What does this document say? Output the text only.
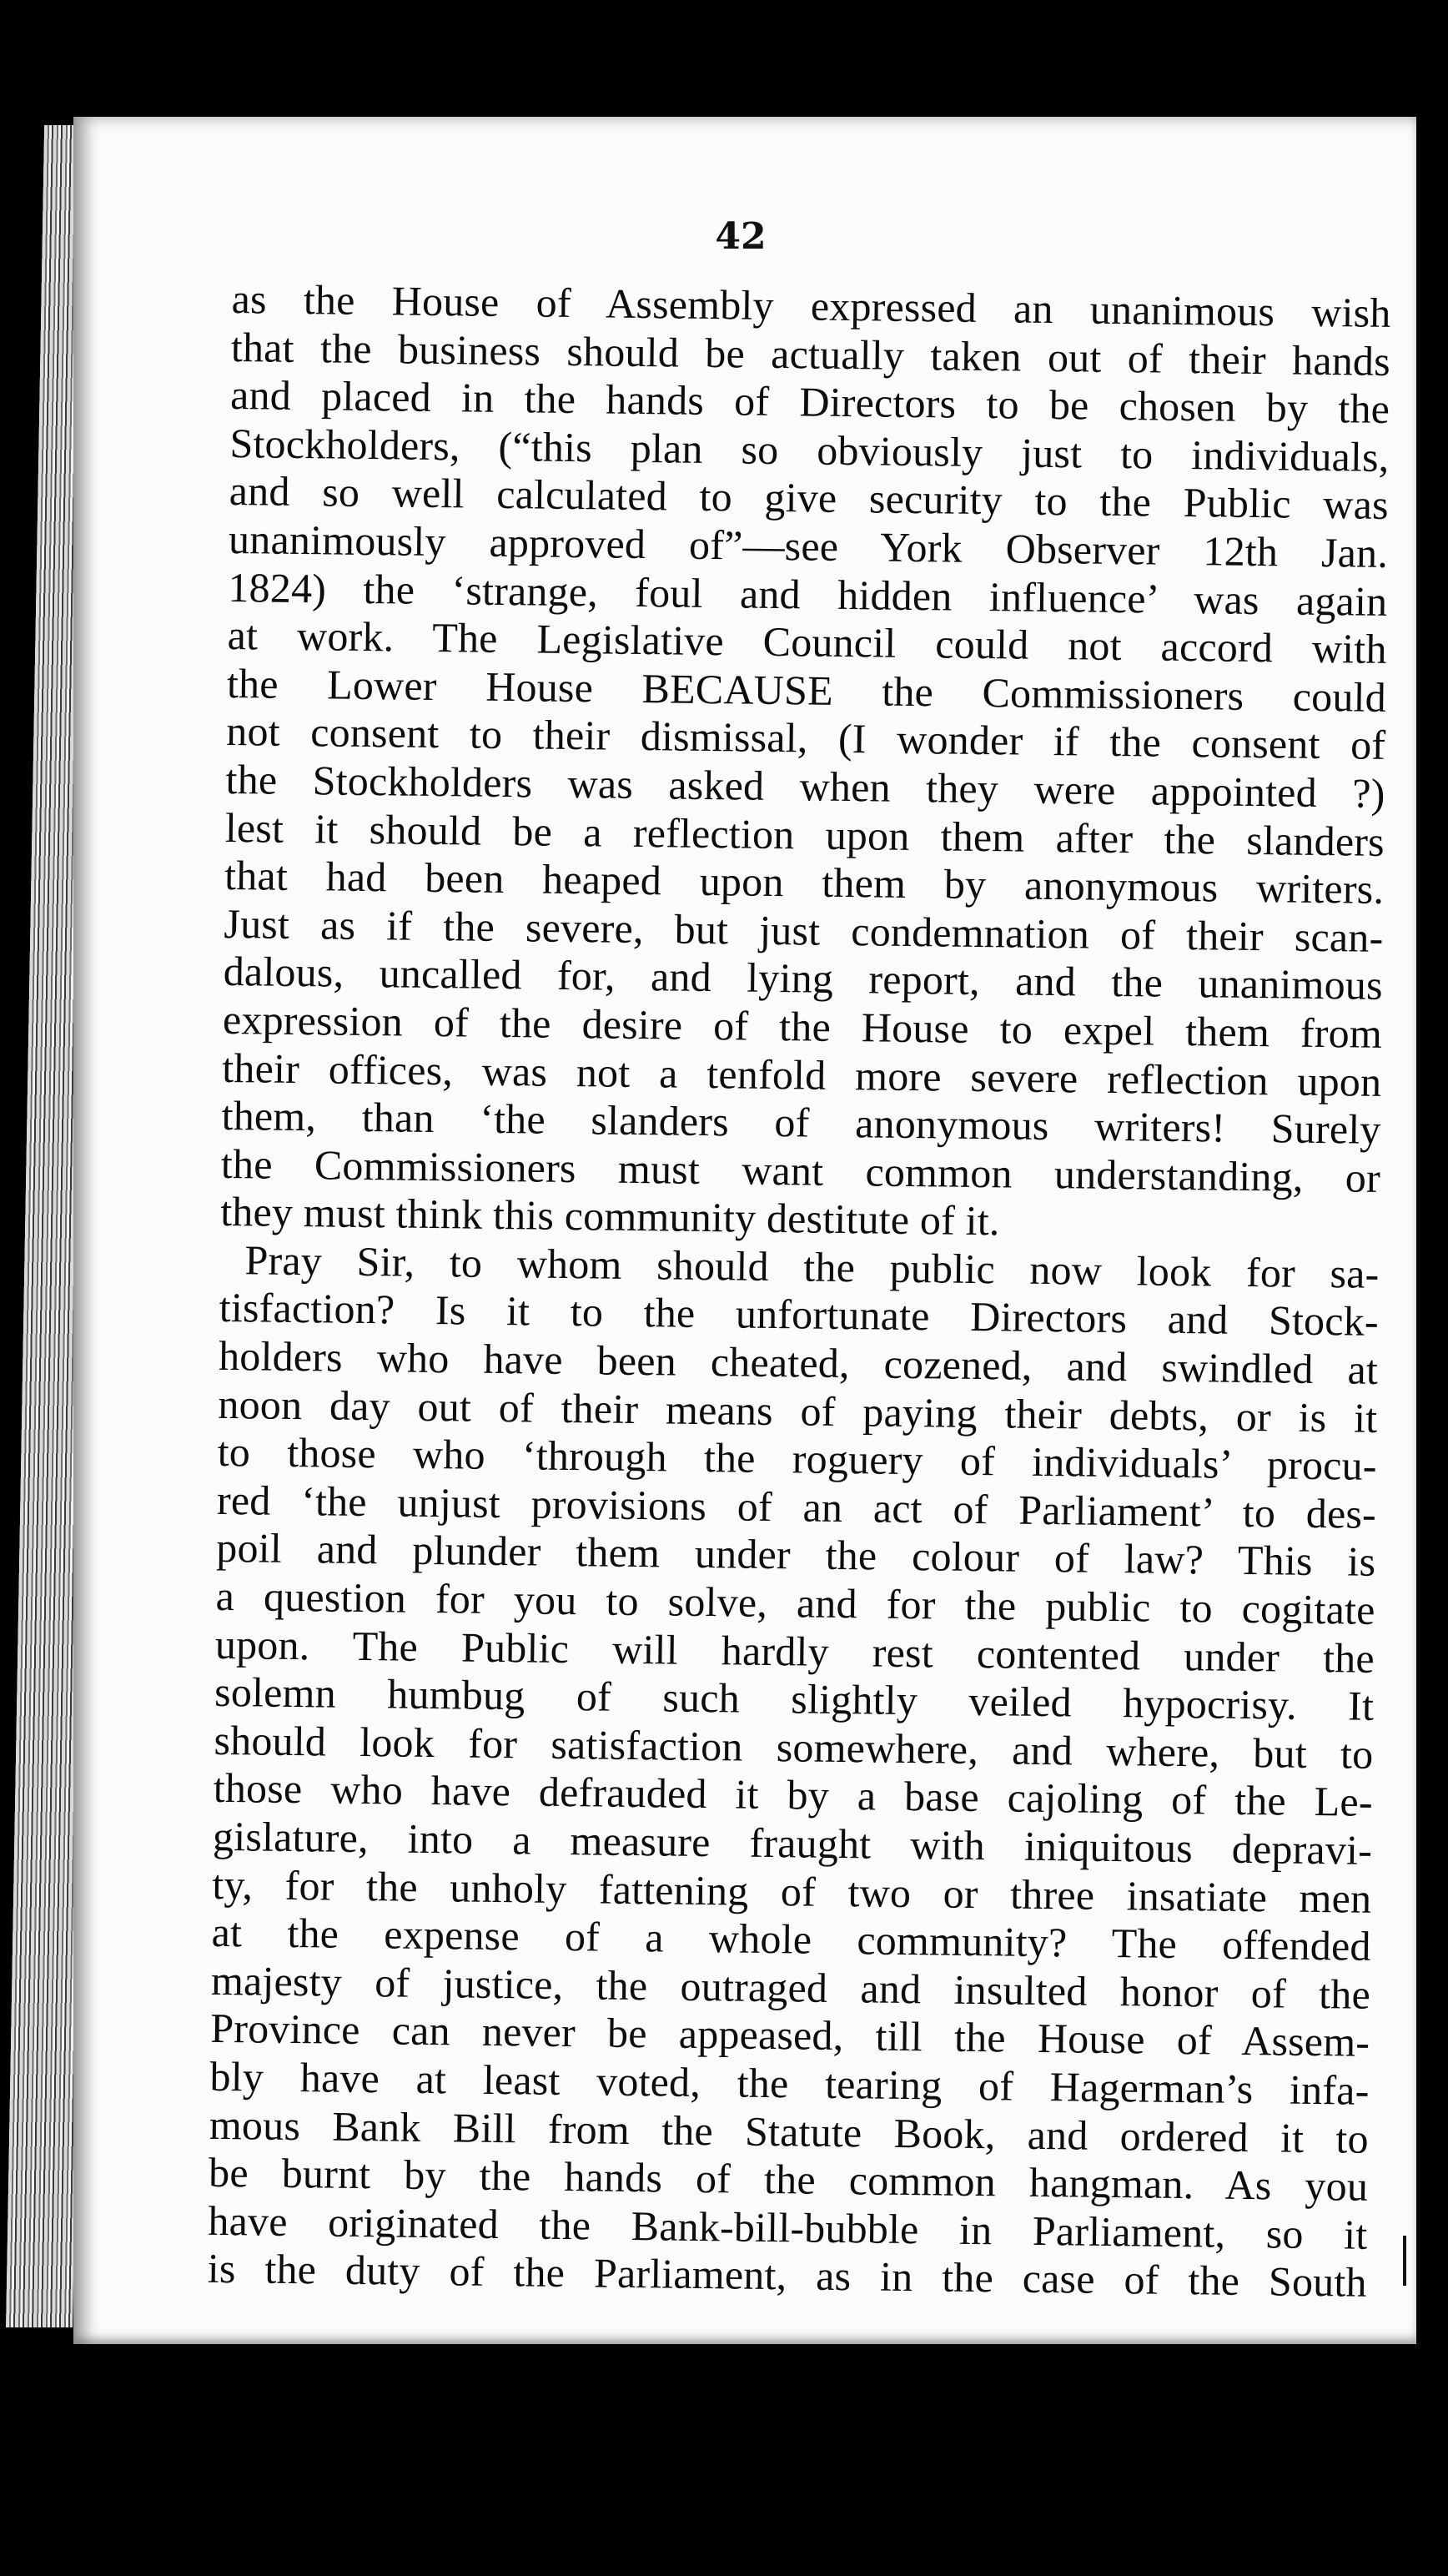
42
as the House of Assembly expressed an unanimous wish
that the business should be actually taken out of their hands
and placed in the hands of Directors to be chosen by the
Stockholders, (“this plan so obviously just to individuals,
and so well calculated to give security to the Public was
unanimously approved of”—see York Observer 12th Jan.
1824) the ‘strange, foul and hidden influence’ was again
at work. The Legislative Council could not accord with
the Lower House BECAUSE the Commissioners could
not consent to their dismissal, (I wonder if the consent of
the Stockholders was asked when they were appointed ?)
lest it should be a reflection upon them after the slanders
that had been heaped upon them by anonymous writers.
Just as if the severe, but just condemnation of their scan-
dalous, uncalled for, and lying report, and the unanimous
expression of the desire of the House to expel them from
their offices, was not a tenfold more severe reflection upon
them, than ‘the slanders of anonymous writers! Surely
the Commissioners must want common understanding, or
they must think this community destitute of it.
Pray Sir, to whom should the public now look for sa-
tisfaction? Is it to the unfortunate Directors and Stock-
holders who have been cheated, cozened, and swindled at
noon day out of their means of paying their debts, or is it
to those who ‘through the roguery of individuals’ procu-
red ‘the unjust provisions of an act of Parliament’ to des-
poil and plunder them under the colour of law? This is
a question for you to solve, and for the public to cogitate
upon. The Public will hardly rest contented under the
solemn humbug of such slightly veiled hypocrisy. It
should look for satisfaction somewhere, and where, but to
those who have defrauded it by a base cajoling of the Le-
gislature, into a measure fraught with iniquitous depravi-
ty, for the unholy fattening of two or three insatiate men
at the expense of a whole community? The offended
majesty of justice, the outraged and insulted honor of the
Province can never be appeased, till the House of Assem-
bly have at least voted, the tearing of Hagerman’s infa-
mous Bank Bill from the Statute Book, and ordered it to
be burnt by the hands of the common hangman. As you
have originated the Bank-bill-bubble in Parliament, so it
is the duty of the Parliament, as in the case of the South
